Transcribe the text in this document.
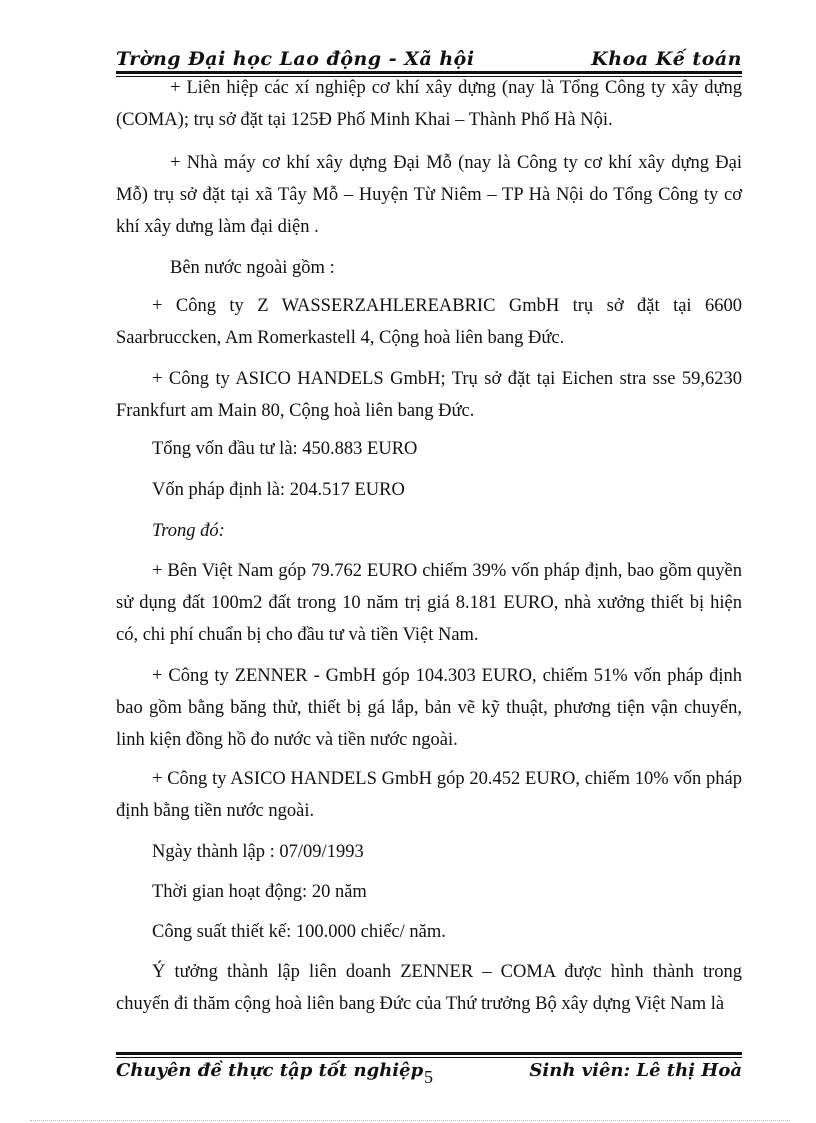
Trờng Đại học Lao động - Xã hội	Khoa Kế toán

+ Liên hiệp các xí nghiệp cơ khí xây dựng (nay là Tổng Công ty xây dựng (COMA); trụ sở đặt tại 125Đ Phố Minh Khai – Thành Phố Hà Nội.

+ Nhà máy cơ khí xây dựng Đại Mỗ (nay là Công ty cơ khí xây dựng Đại Mỗ) trụ sở đặt tại xã Tây Mỗ – Huyện Từ Niêm – TP Hà Nội do Tổng Công ty cơ khí xây dưng làm đại diện .

Bên nước ngoài gồm :

+ Công ty Z WASSERZAHLEREABRIC GmbH trụ sở đặt tại 6600 Saarbruccken, Am Romerkastell 4, Cộng hoà liên bang Đức.

+ Công ty ASICO HANDELS GmbH; Trụ sở đặt tại Eichen stra sse 59,6230 Frankfurt am Main 80, Cộng hoà liên bang Đức.

Tổng vốn đầu tư là: 450.883 EURO

Vốn pháp định là: 204.517 EURO

Trong đó:

+ Bên Việt Nam góp 79.762 EURO chiếm 39% vốn pháp định, bao gồm quyền sử dụng đất 100m2 đất trong 10 năm trị giá 8.181 EURO, nhà xưởng thiết bị hiện có, chi phí chuẩn bị cho đầu tư và tiền Việt Nam.

+ Công ty ZENNER - GmbH góp 104.303 EURO, chiếm 51% vốn pháp định bao gồm bằng băng thử, thiết bị gá lắp, bản vẽ kỹ thuật, phương tiện vận chuyển, linh kiện đồng hồ đo nước và tiền nước ngoài.

+ Công ty ASICO HANDELS GmbH góp 20.452 EURO, chiếm 10% vốn pháp định bằng tiền nước ngoài.

Ngày thành lập : 07/09/1993

Thời gian hoạt động: 20 năm

Công suất thiết kế: 100.000 chiếc/ năm.

Ý tưởng thành lập liên doanh ZENNER – COMA được hình thành trong chuyến đi thăm cộng hoà liên bang Đức của Thứ trưởng Bộ xây dựng Việt Nam là

Chuyên đề thực tập tốt nghiệp	Sinh viên: Lê thị Hoà
5
